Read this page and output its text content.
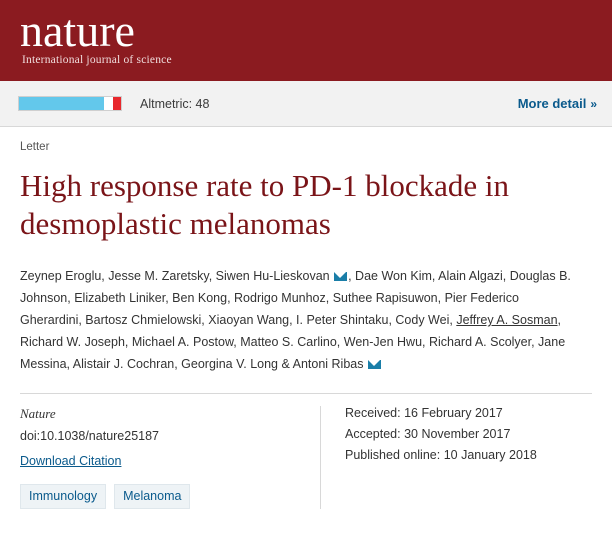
nature
International journal of science
Altmetric: 48	More detail »
Letter
High response rate to PD-1 blockade in desmoplastic melanomas
Zeynep Eroglu, Jesse M. Zaretsky, Siwen Hu-Lieskovan , Dae Won Kim, Alain Algazi, Douglas B. Johnson, Elizabeth Liniker, Ben Kong, Rodrigo Munhoz, Suthee Rapisuwon, Pier Federico Gherardini, Bartosz Chmielowski, Xiaoyan Wang, I. Peter Shintaku, Cody Wei, Jeffrey A. Sosman, Richard W. Joseph, Michael A. Postow, Matteo S. Carlino, Wen-Jen Hwu, Richard A. Scolyer, Jane Messina, Alistair J. Cochran, Georgina V. Long & Antoni Ribas
Nature
doi:10.1038/nature25187
Download Citation
Immunology	Melanoma
Received: 16 February 2017
Accepted: 30 November 2017
Published online: 10 January 2018
